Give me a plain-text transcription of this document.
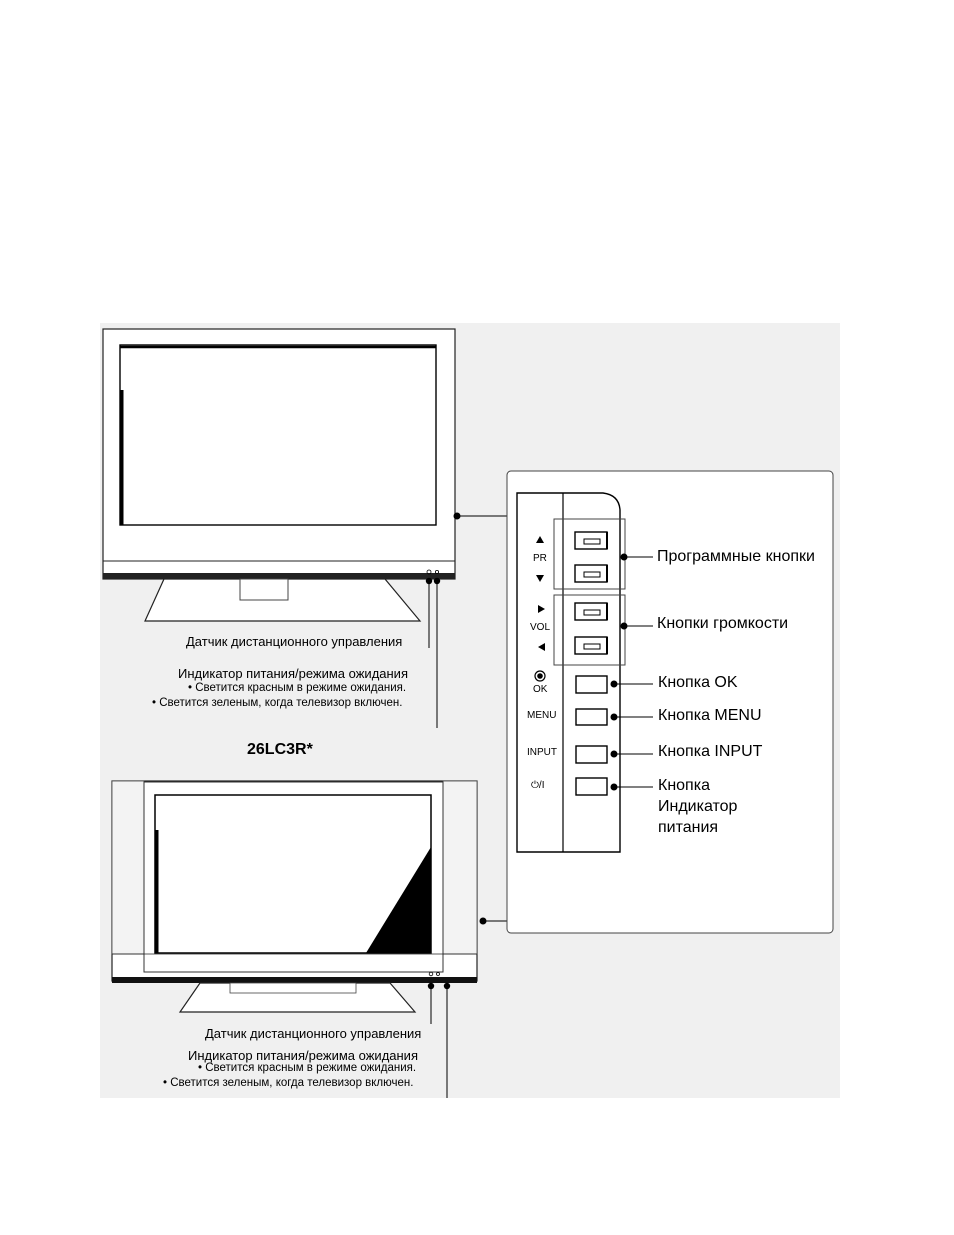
Датчик дистанционного управления
Индикатор питания/режима ожидания
• Светится красным в режиме ожидания.
• Светится зеленым, когда телевизор включен.
26LC3R*
Датчик дистанционного управления
Индикатор питания/режима ожидания
• Светится красным в режиме ожидания.
• Светится зеленым, когда телевизор включен.
PR
VOL
OK
MENU
INPUT
⏻/I
Программные кнопки
Кнопки громкости
Кнопка OK
Кнопка MENU
Кнопка INPUT
Кнопка
Индикатор
питания
